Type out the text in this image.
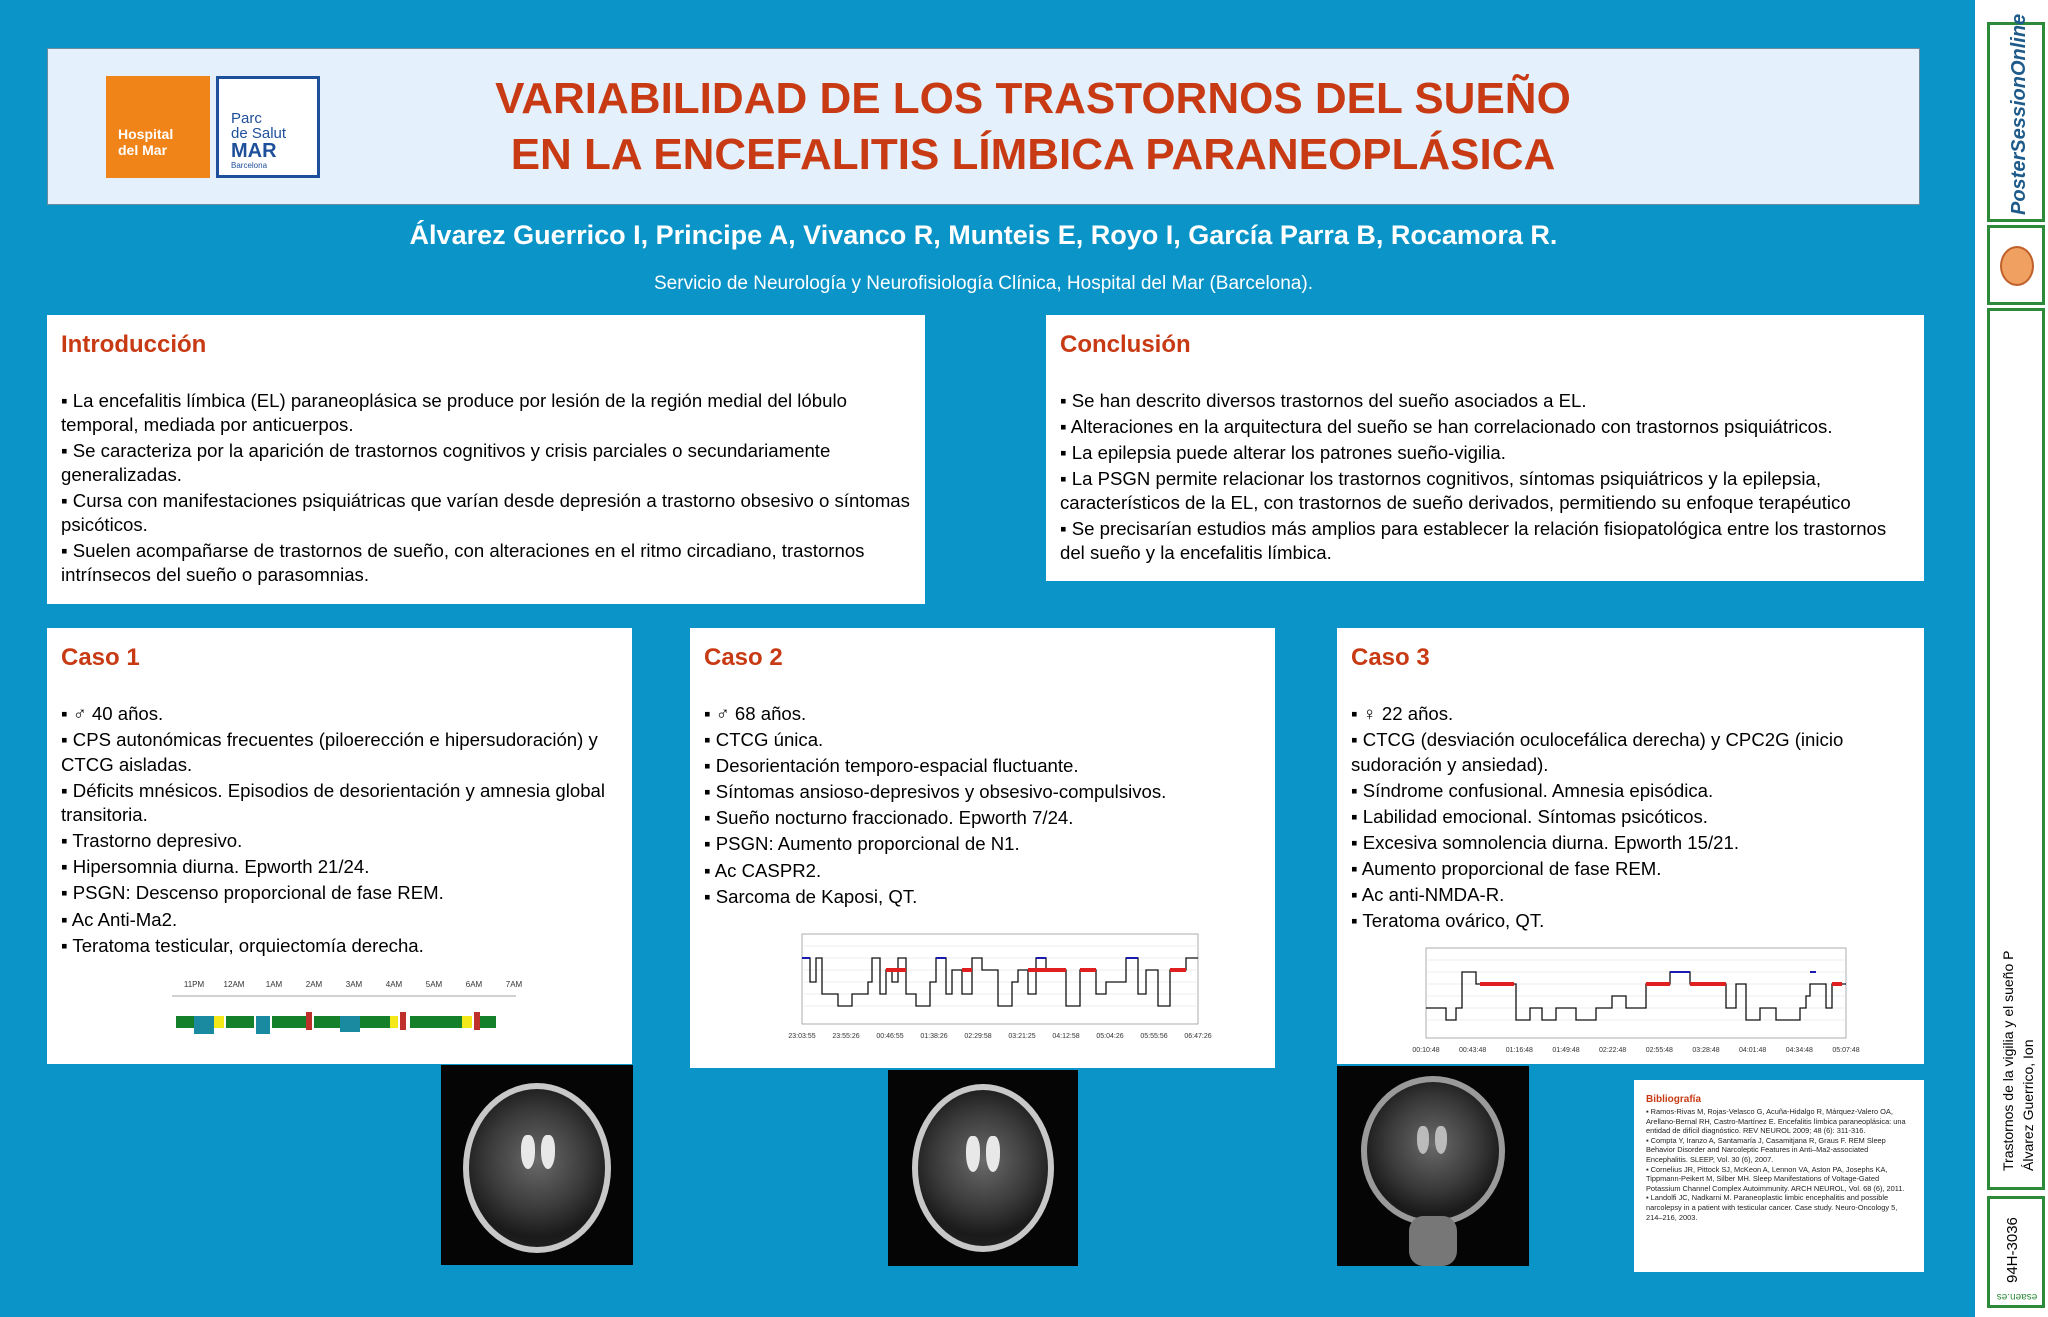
Hospital
del Mar
Parc
de Salut
MAR
Barcelona
VARIABILIDAD DE LOS TRASTORNOS DEL SUEÑO
EN LA ENCEFALITIS LÍMBICA PARANEOPLÁSICA
Álvarez Guerrico I, Principe A, Vivanco R, Munteis E, Royo I, García Parra B, Rocamora R.
Servicio de Neurología y Neurofisiología Clínica, Hospital del Mar (Barcelona).
Introducción
▪ La encefalitis límbica (EL) paraneoplásica se produce por lesión de la región medial del lóbulo temporal, mediada por anticuerpos.
▪ Se caracteriza por la aparición de trastornos cognitivos y crisis parciales o secundariamente generalizadas.
▪ Cursa con manifestaciones psiquiátricas que varían desde depresión a trastorno obsesivo o síntomas psicóticos.
▪ Suelen acompañarse de trastornos de sueño, con alteraciones en el ritmo circadiano, trastornos intrínsecos del sueño o parasomnias.
Conclusión
▪ Se han descrito diversos trastornos del sueño asociados a EL.
▪ Alteraciones en la arquitectura del sueño se han correlacionado con trastornos psiquiátricos.
▪ La epilepsia puede alterar los patrones sueño-vigilia.
▪ La PSGN permite relacionar los trastornos cognitivos, síntomas psiquiátricos y la epilepsia, característicos de la EL, con trastornos de sueño derivados, permitiendo su enfoque terapéutico
▪ Se precisarían estudios más amplios para establecer la relación fisiopatológica entre los trastornos del sueño y la encefalitis límbica.
Caso 1
▪ ♂ 40 años.
▪ CPS autonómicas frecuentes (piloerección e hipersudoración) y CTCG aisladas.
▪ Déficits mnésicos. Episodios de desorientación y amnesia global transitoria.
▪ Trastorno depresivo.
▪ Hipersomnia diurna. Epworth 21/24.
▪ PSGN: Descenso proporcional de fase REM.
▪ Ac Anti-Ma2.
▪ Teratoma testicular, orquiectomía derecha.
11PM 12AM	1AM	2AM	3AM	4AM	5AM	6AM	7AM
Caso 2
▪ ♂ 68 años.
▪ CTCG única.
▪ Desorientación temporo-espacial fluctuante.
▪ Síntomas ansioso-depresivos y obsesivo-compulsivos.
▪ Sueño nocturno fraccionado. Epworth 7/24.
▪ PSGN: Aumento proporcional de N1.
▪ Ac CASPR2.
▪ Sarcoma de Kaposi, QT.
23:03:55 23:55:26 00:46:55 01:38:26 02:29:58 03:21:25 04:12:58 05:04:26 05:55:56 06:47:26
Caso 3
▪ ♀ 22 años.
▪ CTCG (desviación oculocefálica derecha) y CPC2G (inicio sudoración y ansiedad).
▪ Síndrome confusional. Amnesia episódica.
▪ Labilidad emocional. Síntomas psicóticos.
▪ Excesiva somnolencia diurna. Epworth 15/21.
▪ Aumento proporcional de fase REM.
▪ Ac anti-NMDA-R.
▪ Teratoma ovárico, QT.
00:10:48	00:43:48	01:16:48	01:49:48	02:22:48	02:55:48	03:28:48	04:01:48	04:34:48	05:07:48
Bibliografía

▪ Ramos-Rivas M, Rojas-Velasco G, Acuña-Hidalgo R, Márquez-Valero OA, Arellano-Bernal RH, Castro-Martínez E. Encefalitis límbica paraneoplásica: una entidad de difícil diagnóstico. REV NEUROL 2009; 48 (6): 311-316.

▪ Compta Y, Iranzo A, Santamaría J, Casamitjana R, Graus F. REM Sleep Behavior Disorder and Narcoleptic Features in Anti–Ma2-associated Encephalitis. SLEEP, Vol. 30 (6), 2007.

▪ Cornelius JR, Pittock SJ, McKeon A, Lennon VA, Aston PA, Josephs KA, Tippmann-Peikert M, Silber MH. Sleep Manifestations of Voltage-Gated Potassium Channel Complex Autoimmunity. ARCH NEUROL, Vol. 68 (6), 2011.

▪ Landolfi JC, Nadkarni M. Paraneoplastic limbic encephalitis and possible narcolepsy in a patient with testicular cancer. Case study. Neuro-Oncology 5, 214–216, 2003.

PosterSessionOnline
Trastornos de la vigilia y el sueño P Álvarez Guerrico, Ion
94H-3036
esaen.es
